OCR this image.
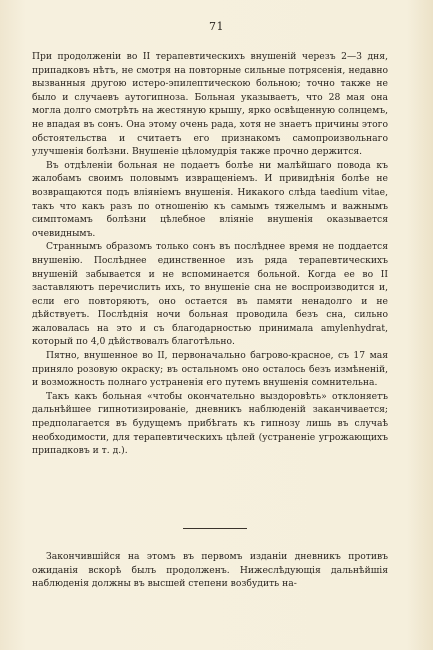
71

При продолженіи во II терапевтическихъ внушеній черезъ 2—3 дня, припадковъ нѣтъ, не смотря на повторные сильные потрясенія, недавно вызванныя другою истеро-эпилептическою больною; точно также не было и случаевъ аутогипноза. Больная указываетъ, что 28 мая она могла долго смотрѣть на жестяную крышу, ярко освѣщенную солнцемъ, не впадая въ сонъ. Она этому очень рада, хотя не знаетъ причины этого обстоятельства и считаетъ его признакомъ самопроизвольнаго улучшенія болѣзни. Внушеніе цѣломудрія также прочно держится.

Въ отдѣленіи больная не подаетъ болѣе ни малѣйшаго повода къ жалобамъ своимъ половымъ извращеніемъ. И привидѣнія болѣе не возвращаются подъ вліяніемъ внушенія. Никакого слѣда taedium vitae, такъ что какъ разъ по отношенію къ самымъ тяжелымъ и важнымъ симптомамъ болѣзни цѣлебное вліяніе внушенія оказывается очевиднымъ.

Страннымъ образомъ только сонъ въ послѣднее время не поддается внушенію. Послѣднее единственное изъ ряда терапевтическихъ внушеній забывается и не вспоминается больной. Когда ее во II заставляютъ перечислить ихъ, то внушеніе сна не воспроизводится и, если его повторяютъ, оно остается въ памяти ненадолго и не дѣйствуетъ. Послѣднія ночи больная проводила безъ сна, сильно жаловалась на это и съ благодарностью принимала amylenhydrat, который по 4,0 дѣйствовалъ благотѣльно.

Пятно, внушенное во II, первоначально багрово-красное, съ 17 мая приняло розовую окраску; въ остальномъ оно осталось безъ измѣненій, и возможность полнаго устраненія его путемъ внушенія сомнительна.

Такъ какъ больная «чтобы окончательно выздоровѣть» отклоняетъ дальнѣйшее гипнотизированіе, дневникъ наблюденій заканчивается; предполагается въ будущемъ прибѣгать къ гипнозу лишь въ случаѣ необходимости, для терапевтическихъ цѣлей (устраненіе угрожающихъ припадковъ и т. д.).

Закончившійся на этомъ въ первомъ изданіи дневникъ противъ ожиданія вскорѣ былъ продолженъ. Нижеслѣдующія дальнѣйшія наблюденія должны въ высшей степени возбудить на-
